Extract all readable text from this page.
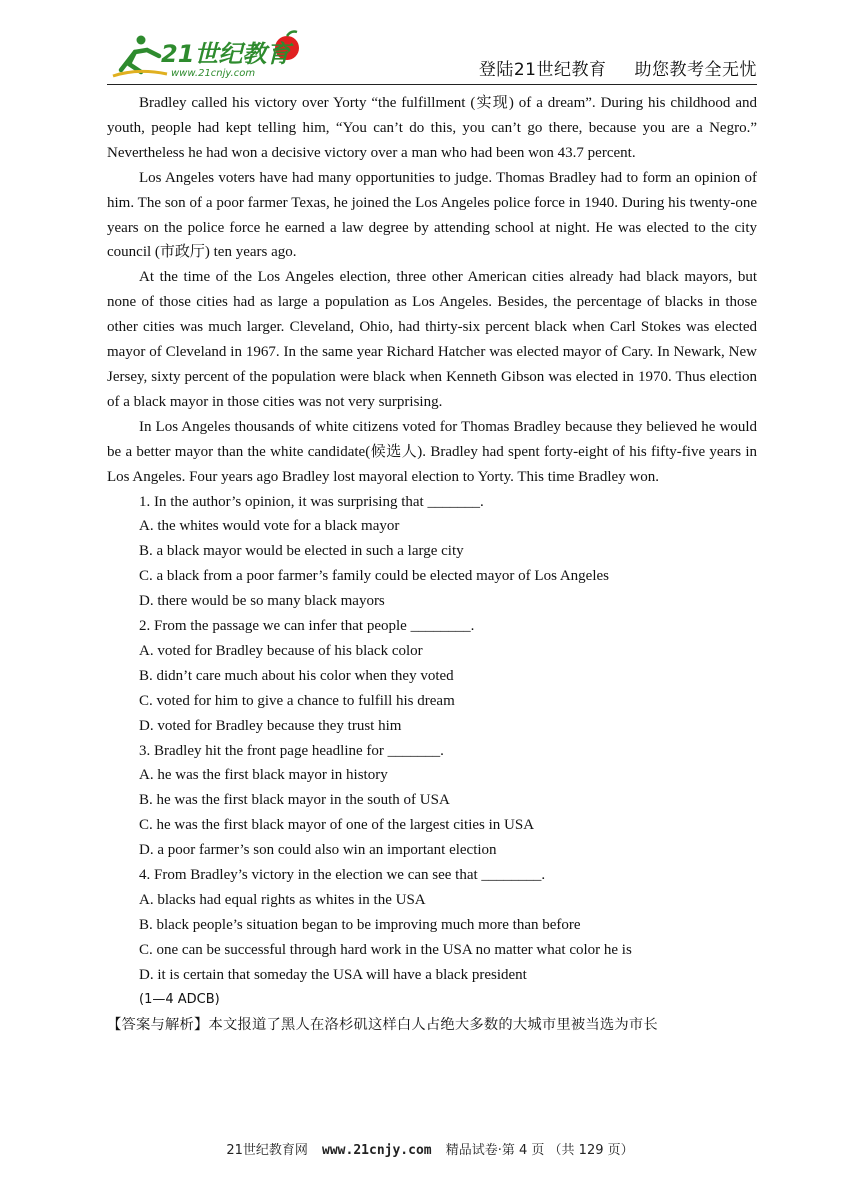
21世纪教育
www.21cnjy.com	登陆21世纪教育 助您教考全无忧

Bradley called his victory over Yorty “the fulfillment (实现) of a dream”. During his childhood and youth, people had kept telling him, “You can’t do this, you can’t go there, because you are a Negro.” Nevertheless he had won a decisive victory over a man who had been won 43.7 percent.

Los Angeles voters have had many opportunities to judge. Thomas Bradley had to form an opinion of him. The son of a poor farmer Texas, he joined the Los Angeles police force in 1940. During his twenty-one years on the police force he earned a law degree by attending school at night. He was elected to the city council (市政厅) ten years ago.

At the time of the Los Angeles election, three other American cities already had black mayors, but none of those cities had as large a population as Los Angeles. Besides, the percentage of blacks in those other cities was much larger. Cleveland, Ohio, had thirty-six percent black when Carl Stokes was elected mayor of Cleveland in 1967. In the same year Richard Hatcher was elected mayor of Cary. In Newark, New Jersey, sixty percent of the population were black when Kenneth Gibson was elected in 1970. Thus election of a black mayor in those cities was not very surprising.

In Los Angeles thousands of white citizens voted for Thomas Bradley because they believed he would be a better mayor than the white candidate(候选人). Bradley had spent forty-eight of his fifty-five years in Los Angeles. Four years ago Bradley lost mayoral election to Yorty. This time Bradley won.

1. In the author’s opinion, it was surprising that _______.

A. the whites would vote for a black mayor

B. a black mayor would be elected in such a large city

C. a black from a poor farmer’s family could be elected mayor of Los Angeles

D. there would be so many black mayors

2. From the passage we can infer that people ________.

A. voted for Bradley because of his black color

B. didn’t care much about his color when they voted

C. voted for him to give a chance to fulfill his dream

D. voted for Bradley because they trust him

3. Bradley hit the front page headline for _______.

A. he was the first black mayor in history

B. he was the first black mayor in the south of USA

C. he was the first black mayor of one of the largest cities in USA

D. a poor farmer’s son could also win an important election

4. From Bradley’s victory in the election we can see that ________.

A. blacks had equal rights as whites in the USA

B. black people’s situation began to be improving much more than before

C. one can be successful through hard work in the USA no matter what color he is

D. it is certain that someday the USA will have a black president

(1—4 ADCB)

【答案与解析】本文报道了黑人在洛杉矶这样白人占绝大多数的大城市里被当选为市长

21世纪教育网 www.21cnjy.com 精品试卷·第 4 页 （共 129 页）
